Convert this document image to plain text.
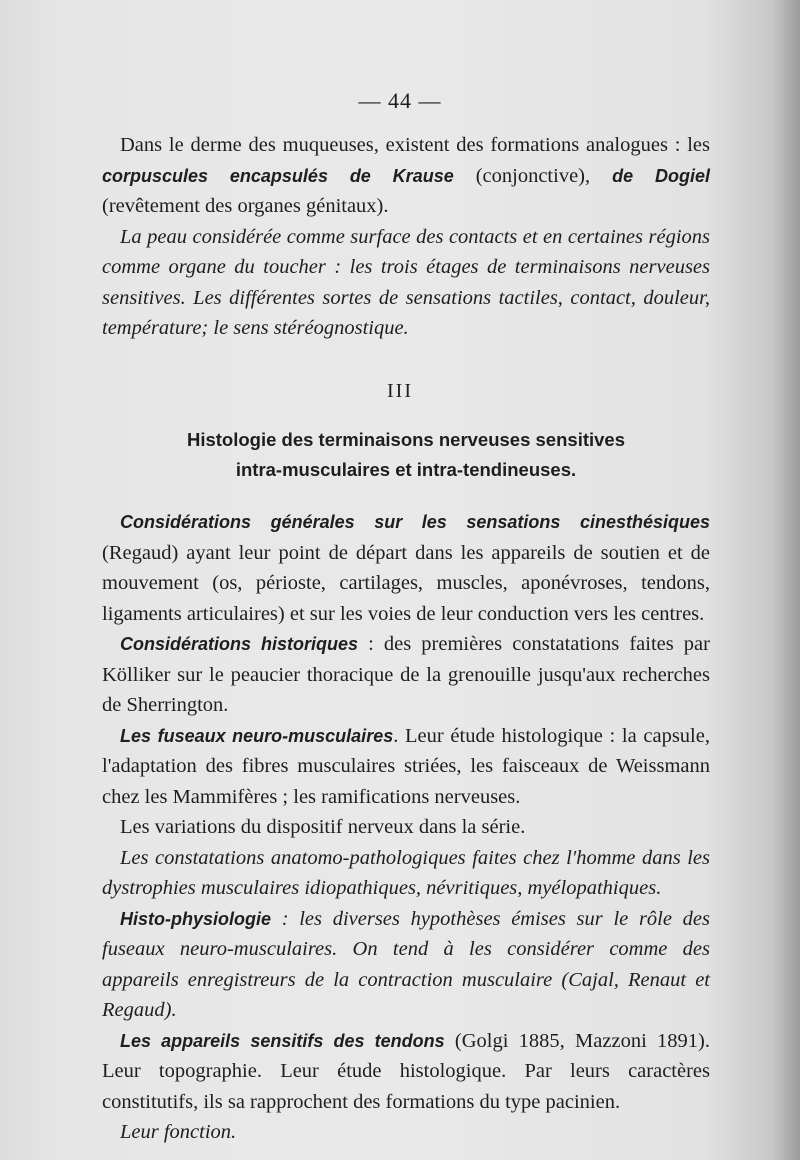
— 44 —

Dans le derme des muqueuses, existent des formations analogues : les corpuscules encapsulés de Krause (conjonctive), de Dogiel (revêtement des organes génitaux).

La peau considérée comme surface des contacts et en certaines régions comme organe du toucher : les trois étages de terminaisons nerveuses sensitives. Les différentes sortes de sensations tactiles, contact, douleur, température; le sens stéréognostique.

III
Histologie des terminaisons nerveuses sensitives
intra-musculaires et intra-tendineuses.

Considérations générales sur les sensations cinesthésiques (Regaud) ayant leur point de départ dans les appareils de soutien et de mouvement (os, périoste, cartilages, muscles, aponévroses, tendons, ligaments articulaires) et sur les voies de leur conduction vers les centres.

Considérations historiques : des premières constatations faites par Kölliker sur le peaucier thoracique de la grenouille jusqu'aux recherches de Sherrington.

Les fuseaux neuro-musculaires. Leur étude histologique : la capsule, l'adaptation des fibres musculaires striées, les faisceaux de Weissmann chez les Mammifères ; les ramifications nerveuses.

Les variations du dispositif nerveux dans la série.

Les constatations anatomo-pathologiques faites chez l'homme dans les dystrophies musculaires idiopathiques, névritiques, myélopathiques.

Histo-physiologie : les diverses hypothèses émises sur le rôle des fuseaux neuro-musculaires. On tend à les considérer comme des appareils enregistreurs de la contraction musculaire (Cajal, Renaut et Regaud).

Les appareils sensitifs des tendons (Golgi 1885, Mazzoni 1891). Leur topographie. Leur étude histologique. Par leurs caractères constitutifs, ils sa rapprochent des formations du type pacinien.

Leur fonction.
